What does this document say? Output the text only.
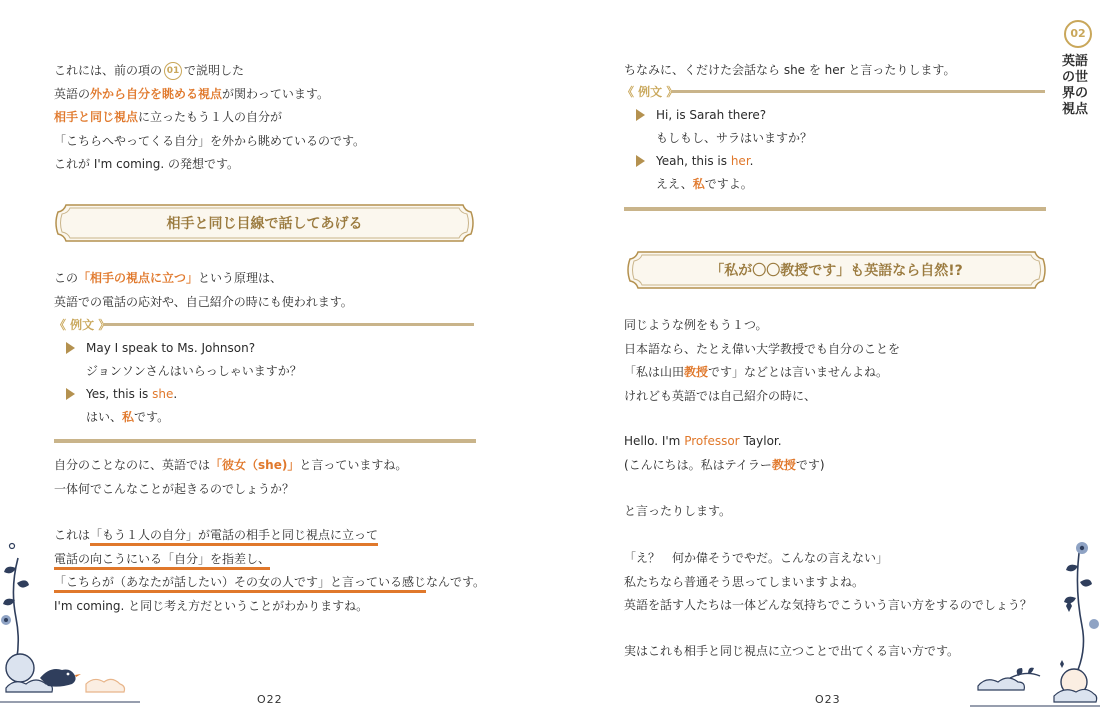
これには、前の項の 01 で説明した
英語の外から自分を眺める視点が関わっています。
相手と同じ視点に立ったもう１人の自分が
「こちらへやってくる自分」を外から眺めているのです。
これが I'm coming. の発想です。
相手と同じ目線で話してあげる
この「相手の視点に立つ」という原理は、
英語での電話の応対や、自己紹介の時にも使われます。
《 例文 》
May I speak to Ms. Johnson?
ジョンソンさんはいらっしゃいますか？
Yes, this is she.
はい、私です。
自分のことなのに、英語では「彼女（she)」と言っていますね。
一体何でこんなことが起きるのでしょうか？
これは「もう１人の自分」が電話の相手と同じ視点に立って
電話の向こうにいる「自分」を指差し、
「こちらが（あなたが話したい）その女の人です」と言っている感じなんです。
I'm coming. と同じ考え方だということがわかりますね。
O22
ちなみに、くだけた会話なら she を her と言ったりします。
《 例文 》
Hi, is Sarah there?
もしもし、サラはいますか？
Yeah, this is her.
ええ、私ですよ。
「私が〇〇教授です」も英語なら自然!?
同じような例をもう１つ。
日本語なら、たとえ偉い大学教授でも自分のことを
「私は山田教授です」などとは言いませんよね。
けれども英語では自己紹介の時に、
Hello. I'm Professor Taylor.
(こんにちは。私はテイラー教授です)
と言ったりします。
「え？　何か偉そうでやだ。こんなの言えない」
私たちなら普通そう思ってしまいますよね。
英語を話す人たちは一体どんな気持ちでこういう言い方をするのでしょう？
実はこれも相手と同じ視点に立つことで出てくる言い方です。
O23
02
英語の世界の視点
